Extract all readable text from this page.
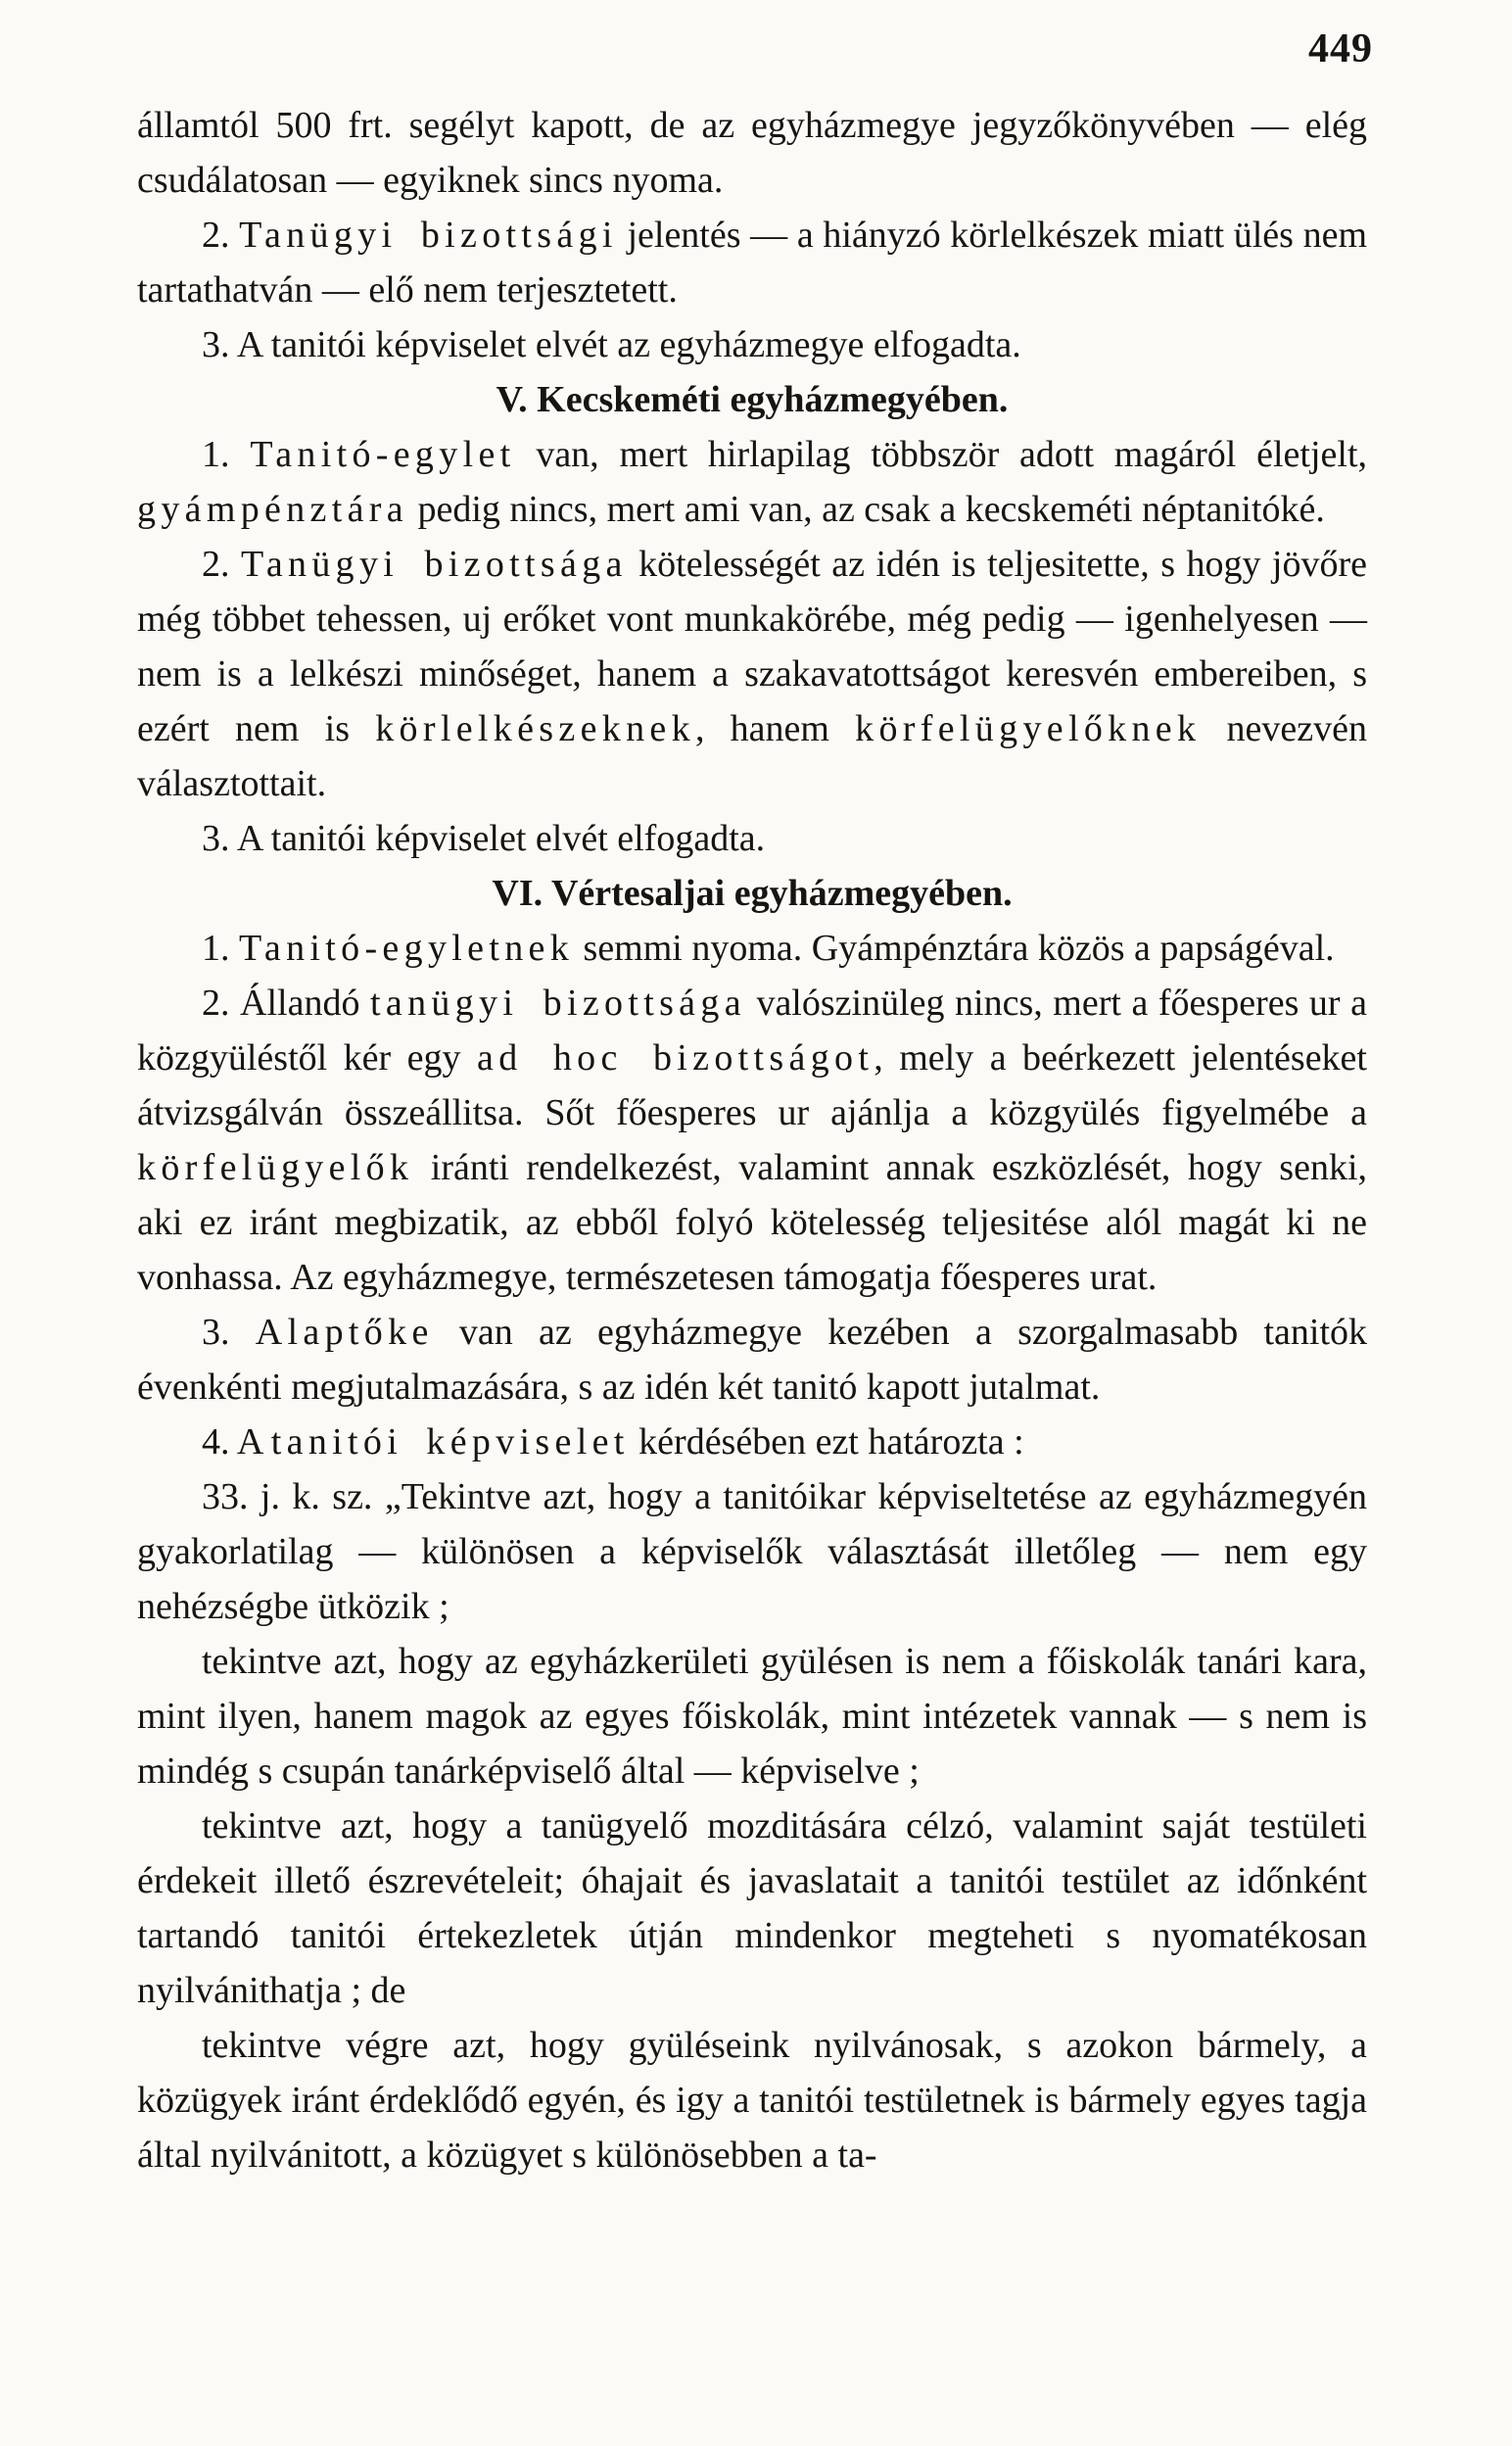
449

államtól 500 frt. segélyt kapott, de az egyházmegye jegyzőkönyvében — elég csudálatosan — egyiknek sincs nyoma.

2. Tanügyi bizottsági jelentés — a hiányzó körlelkészek miatt ülés nem tartathatván — elő nem terjesztetett.

3. A tanitói képviselet elvét az egyházmegye elfogadta.

V. Kecskeméti egyházmegyében.

1. Tanitó-egylet van, mert hirlapilag többször adott magáról életjelt, gyámpénztára pedig nincs, mert ami van, az csak a kecskeméti néptanitóké.

2. Tanügyi bizottsága kötelességét az idén is teljesitette, s hogy jövőre még többet tehessen, uj erőket vont munkakörébe, még pedig — igenhelyesen — nem is a lelkészi minőséget, hanem a szakavatottságot keresvén embereiben, s ezért nem is körlelkészeknek, hanem körfelügyelőknek nevezvén választottait.

3. A tanitói képviselet elvét elfogadta.

VI. Vértesaljai egyházmegyében.

1. Tanitó-egyletnek semmi nyoma. Gyámpénztára közös a papságéval.

2. Állandó tanügyi bizottsága valószinüleg nincs, mert a főesperes ur a közgyüléstől kér egy ad hoc bizottságot, mely a beérkezett jelentéseket átvizsgálván összeállitsa. Sőt főesperes ur ajánlja a közgyülés figyelmébe a körfelügyelők iránti rendelkezést, valamint annak eszközlését, hogy senki, aki ez iránt megbizatik, az ebből folyó kötelesség teljesitése alól magát ki ne vonhassa. Az egyházmegye, természetesen támogatja főesperes urat.

3. Alaptőke van az egyházmegye kezében a szorgalmasabb tanitók évenkénti megjutalmazására, s az idén két tanitó kapott jutalmat.

4. A tanitói képviselet kérdésében ezt határozta :

33. j. k. sz. „Tekintve azt, hogy a tanitóikar képviseltetése az egyházmegyén gyakorlatilag — különösen a képviselők választását illetőleg — nem egy nehézségbe ütközik ;

tekintve azt, hogy az egyházkerületi gyülésen is nem a főiskolák tanári kara, mint ilyen, hanem magok az egyes főiskolák, mint intézetek vannak — s nem is mindég s csupán tanárképviselő által — képviselve ;

tekintve azt, hogy a tanügyelő mozditására célzó, valamint saját testületi érdekeit illető észrevételeit; óhajait és javaslatait a tanitói testület az időnként tartandó tanitói értekezletek útján mindenkor megteheti s nyomatékosan nyilvánithatja ; de

tekintve végre azt, hogy gyüléseink nyilvánosak, s azokon bármely, a közügyek iránt érdeklődő egyén, és igy a tanitói testületnek is bármely egyes tagja által nyilvánitott, a közügyet s különösebben a ta-
